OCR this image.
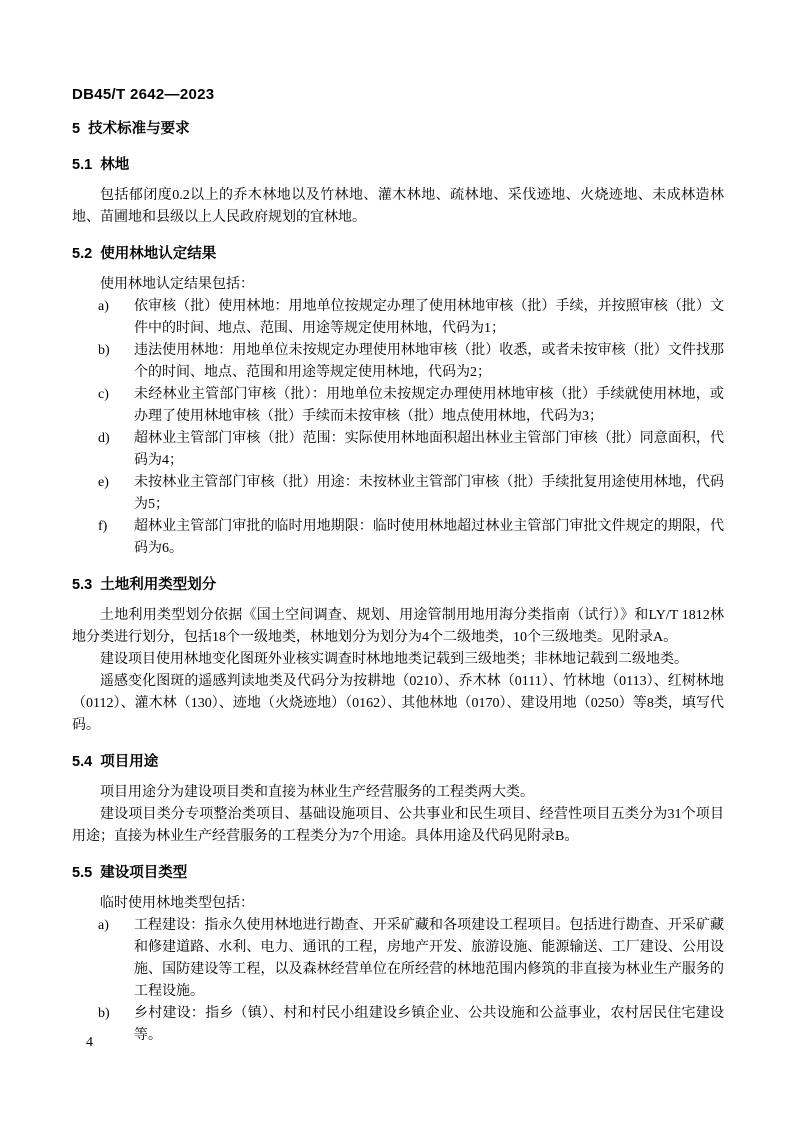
DB45/T 2642—2023
5  技术标准与要求
5.1  林地

包括郁闭度0.2以上的乔木林地以及竹林地、灌木林地、疏林地、采伐迹地、火烧迹地、未成林造林地、苗圃地和县级以上人民政府规划的宜林地。

5.2  使用林地认定结果

使用林地认定结果包括：

a)	依审核（批）使用林地：用地单位按规定办理了使用林地审核（批）手续，并按照审核（批）文件中的时间、地点、范围、用途等规定使用林地，代码为1；
b)	违法使用林地：用地单位未按规定办理使用林地审核（批）收悉，或者未按审核（批）文件找那个的时间、地点、范围和用途等规定使用林地，代码为2；
c)	未经林业主管部门审核（批）：用地单位未按规定办理使用林地审核（批）手续就使用林地，或办理了使用林地审核（批）手续而未按审核（批）地点使用林地，代码为3；
d)	超林业主管部门审核（批）范围：实际使用林地面积超出林业主管部门审核（批）同意面积，代码为4；
e)	未按林业主管部门审核（批）用途：未按林业主管部门审核（批）手续批复用途使用林地，代码为5；
f)	超林业主管部门审批的临时用地期限：临时使用林地超过林业主管部门审批文件规定的期限，代码为6。
5.3  土地利用类型划分

土地利用类型划分依据《国土空间调查、规划、用途管制用地用海分类指南（试行）》和LY/T 1812林地分类进行划分，包括18个一级地类，林地划分为划分为4个二级地类，10个三级地类。见附录A。

建设项目使用林地变化图斑外业核实调查时林地地类记载到三级地类；非林地记载到二级地类。

遥感变化图斑的遥感判读地类及代码分为按耕地（0210）、乔木林（0111）、竹林地（0113）、红树林地（0112）、灌木林（130）、迹地（火烧迹地）（0162）、其他林地（0170）、建设用地（0250）等8类，填写代码。

5.4  项目用途

项目用途分为建设项目类和直接为林业生产经营服务的工程类两大类。

建设项目类分专项整治类项目、基础设施项目、公共事业和民生项目、经营性项目五类分为31个项目用途；直接为林业生产经营服务的工程类分为7个用途。具体用途及代码见附录B。

5.5  建设项目类型

临时使用林地类型包括：

a)	工程建设：指永久使用林地进行勘查、开采矿藏和各项建设工程项目。包括进行勘查、开采矿藏和修建道路、水利、电力、通讯的工程，房地产开发、旅游设施、能源输送、工厂建设、公用设施、国防建设等工程，以及森林经营单位在所经营的林地范围内修筑的非直接为林业生产服务的工程设施。
b)	乡村建设：指乡（镇）、村和村民小组建设乡镇企业、公共设施和公益事业，农村居民住宅建设等。
4
